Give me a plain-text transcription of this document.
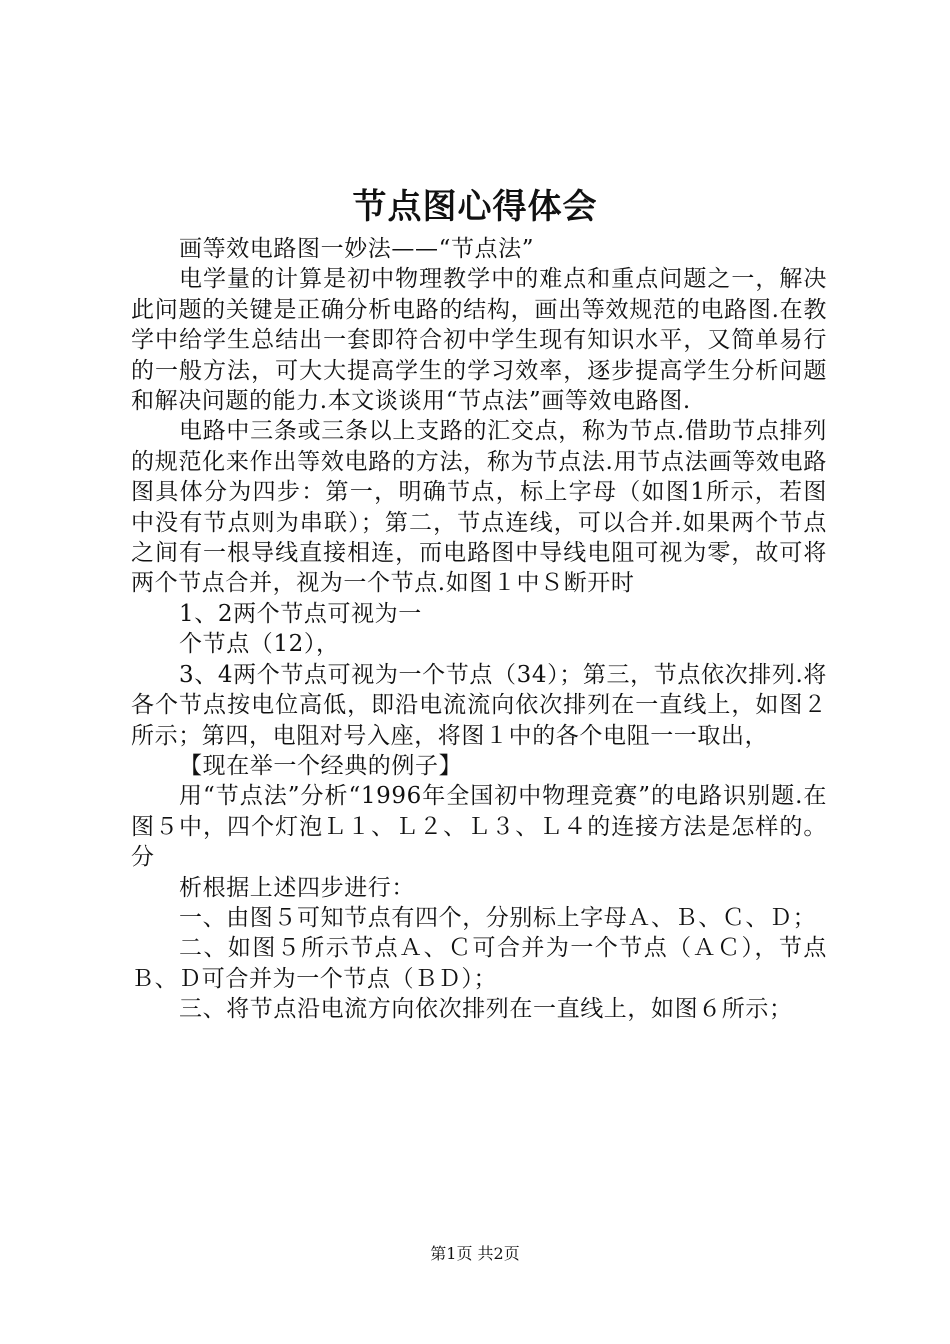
节点图心得体会

画等效电路图一妙法——“节点法”

电学量的计算是初中物理教学中的难点和重点问题之一，解决此问题的关键是正确分析电路的结构，画出等效规范的电路图.在教学中给学生总结出一套即符合初中学生现有知识水平，又简单易行的一般方法，可大大提高学生的学习效率，逐步提高学生分析问题和解决问题的能力.本文谈谈用“节点法”画等效电路图.

电路中三条或三条以上支路的汇交点，称为节点.借助节点排列的规范化来作出等效电路的方法，称为节点法.用节点法画等效电路图具体分为四步：第一，明确节点，标上字母（如图1所示，若图中没有节点则为串联）；第二，节点连线，可以合并.如果两个节点之间有一根导线直接相连，而电路图中导线电阻可视为零，故可将两个节点合并，视为一个节点.如图１中Ｓ断开时

1、2两个节点可视为一

个节点（12），

3、4两个节点可视为一个节点（34）；第三，节点依次排列.将各个节点按电位高低，即沿电流流向依次排列在一直线上，如图２所示；第四，电阻对号入座，将图１中的各个电阻一一取出，

【现在举一个经典的例子】

用“节点法”分析“1996年全国初中物理竞赛”的电路识别题.在图５中，四个灯泡Ｌ１、Ｌ２、Ｌ３、Ｌ４的连接方法是怎样的。分

析根据上述四步进行：

一、由图５可知节点有四个，分别标上字母Ａ、Ｂ、Ｃ、Ｄ；

二、如图５所示节点Ａ、Ｃ可合并为一个节点（ＡＣ），节点Ｂ、Ｄ可合并为一个节点（ＢＤ）；

三、将节点沿电流方向依次排列在一直线上，如图６所示；

第1页 共2页
